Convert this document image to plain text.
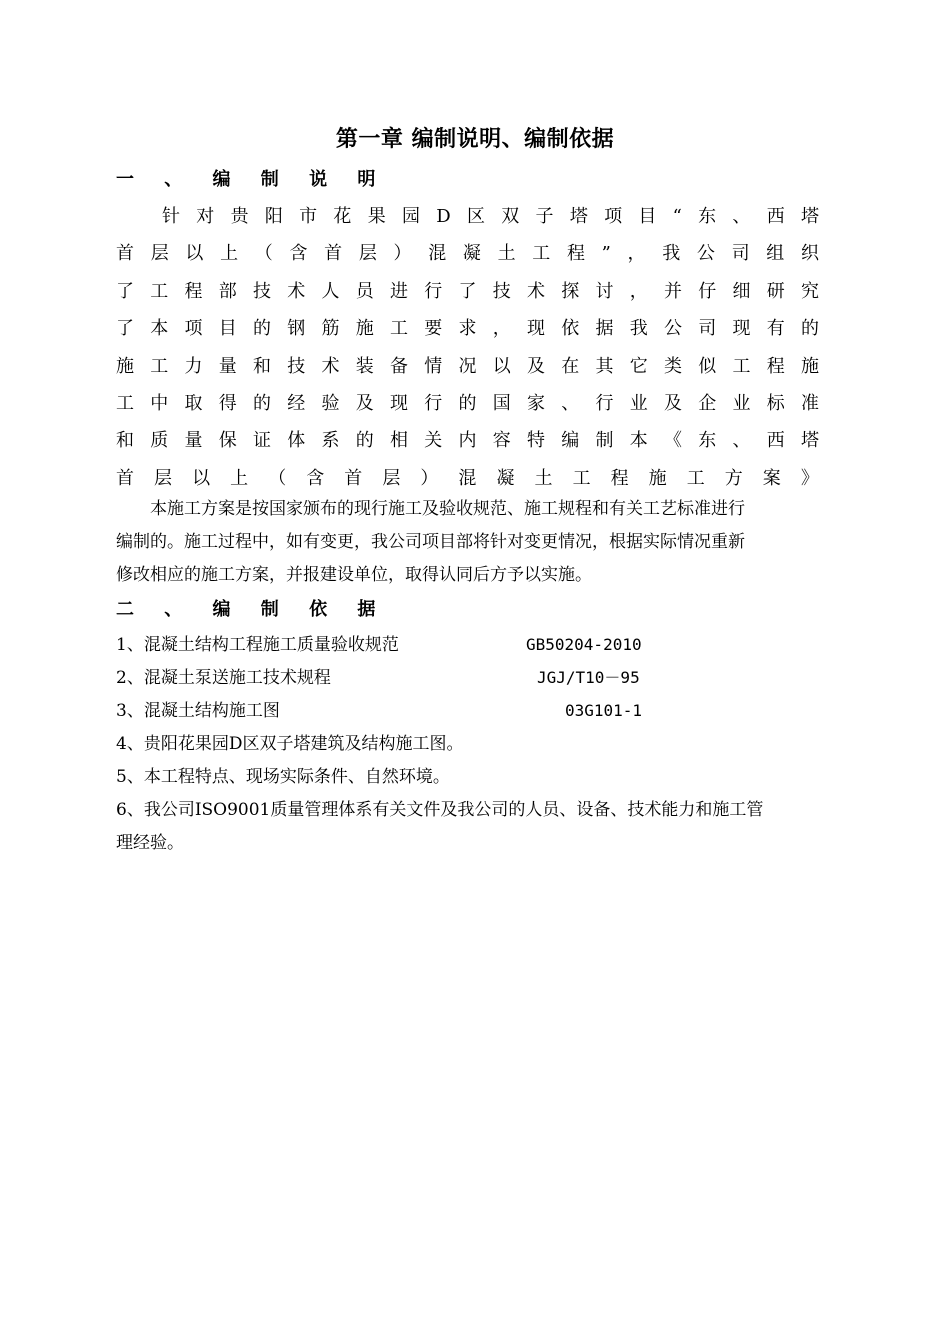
第一章 编制说明、编制依据
一 、 编 制 说 明
针 对 贵 阳 市 花 果 园 D 区 双 子 塔 项 目 “ 东 、 西 塔
首 层 以 上 （ 含 首 层 ） 混 凝 土 工 程 ” ， 我 公 司 组 织
了 工 程 部 技 术 人 员 进 行 了 技 术 探 讨 ， 并 仔 细 研 究
了 本 项 目 的 钢 筋 施 工 要 求 ， 现 依 据 我 公 司 现 有 的
施 工 力 量 和 技 术 装 备 情 况 以 及 在 其 它 类 似 工 程 施
工 中 取 得 的 经 验 及 现 行 的 国 家 、 行 业 及 企 业 标 准
和 质 量 保 证 体 系 的 相 关 内 容 特 编 制 本 《 东 、 西 塔
首 层 以 上 （ 含 首 层 ） 混 凝 土 工 程 施 工 方 案 》
本施工方案是按国家颁布的现行施工及验收规范、施工规程和有关工艺标准进行
编制的。施工过程中，如有变更，我公司项目部将针对变更情况，根据实际情况重新
修改相应的施工方案，并报建设单位，取得认同后方予以实施。
二 、 编 制 依 据
1、混凝土结构工程施工质量验收规范	GB50204-2010
2、混凝土泵送施工技术规程	JGJ/T10－95
3、混凝土结构施工图	03G101-1
4、贵阳花果园D区双子塔建筑及结构施工图。
5、本工程特点、现场实际条件、自然环境。
6、我公司ISO9001质量管理体系有关文件及我公司的人员、设备、技术能力和施工管
理经验。
